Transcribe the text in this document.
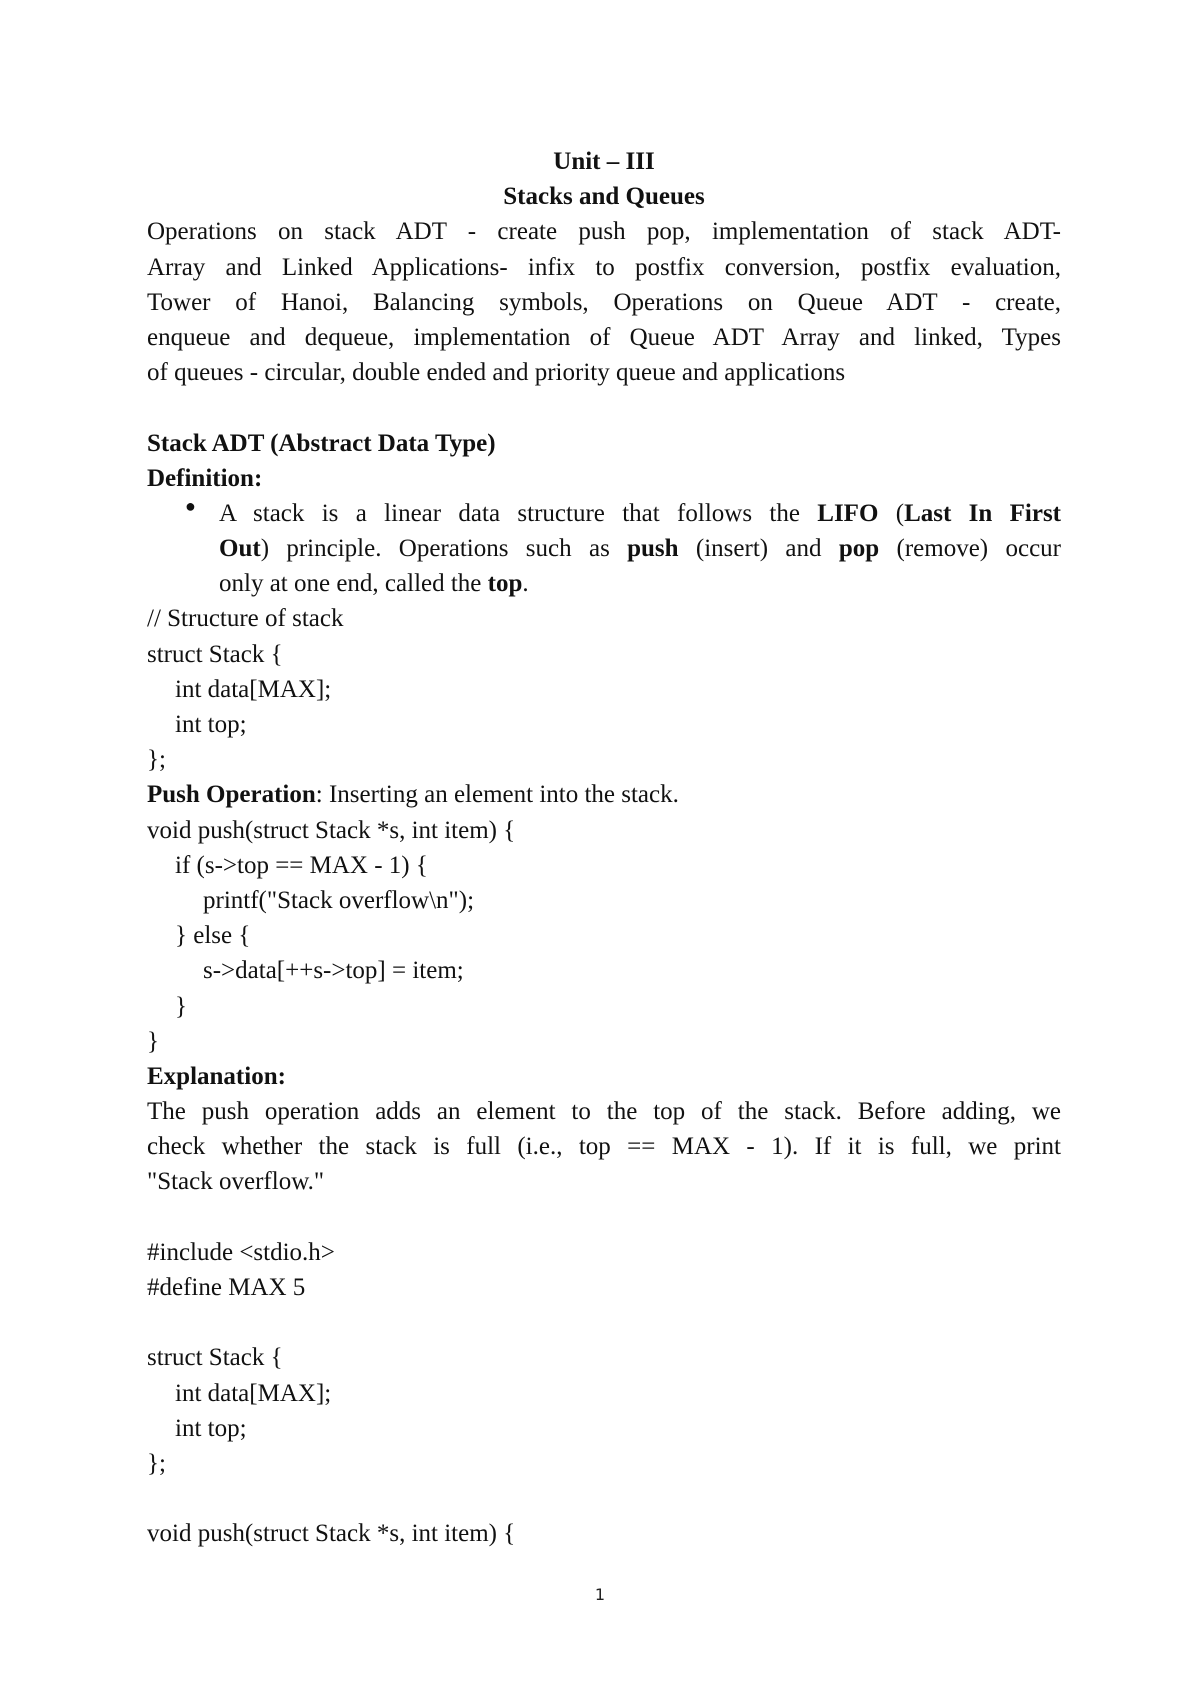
Unit – III
Stacks and Queues
Operations on stack ADT - create push pop, implementation of stack ADT-
Array and Linked Applications- infix to postfix conversion, postfix evaluation,
Tower of Hanoi, Balancing symbols, Operations on Queue ADT - create,
enqueue and dequeue, implementation of Queue ADT Array and linked, Types
of queues - circular, double ended and priority queue and applications
Stack ADT (Abstract Data Type)
Definition:
● A stack is a linear data structure that follows the LIFO (Last In First
Out) principle. Operations such as push (insert) and pop (remove) occur
only at one end, called the top.
// Structure of stack
struct Stack {
int data[MAX];
int top;
};
Push Operation: Inserting an element into the stack.
void push(struct Stack *s, int item) {
if (s->top == MAX - 1) {
printf("Stack overflow\n");
} else {
s->data[++s->top] = item;
}
}
Explanation:
The push operation adds an element to the top of the stack. Before adding, we
check whether the stack is full (i.e., top == MAX - 1). If it is full, we print
"Stack overflow."
#include <stdio.h>
#define MAX 5
struct Stack {
int data[MAX];
int top;
};
void push(struct Stack *s, int item) {
1
